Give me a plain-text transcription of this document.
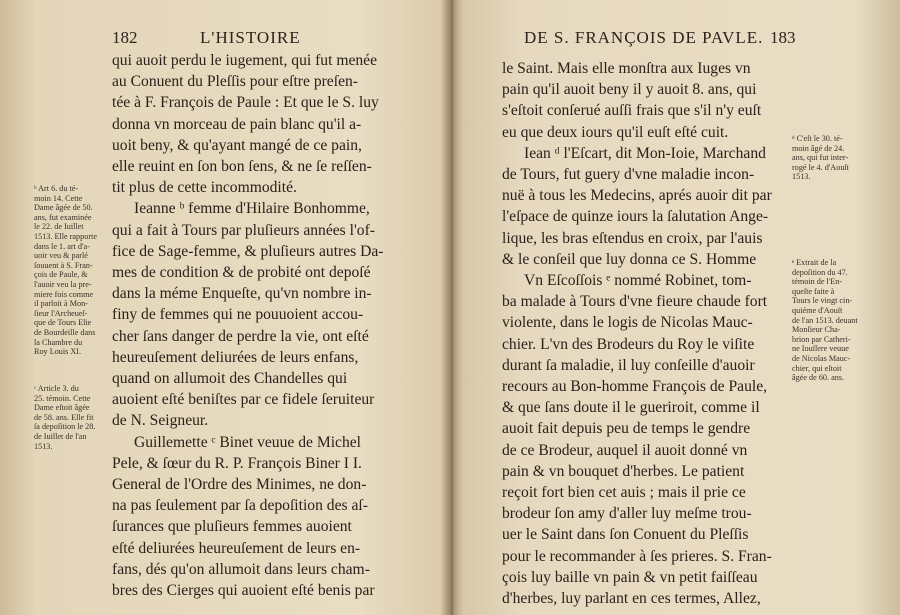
182	L'HISTOIRE
ᵇ Art 6. du té-
moin 14. Cette
Dame âgée de 50.
ans, fut examinée
le 22. de Iuillet
1513. Elle rapporte
dans le 1. art d'a-
uoir veu & parlé
ſouuent à S. Fran-
çois de Paule, &
l'auoir veu la pre-
miere fois comme
il parloit à Mon-
ſieur l'Archeueſ-
que de Tours Elie
de Bourdeille dans
la Chambre du
Roy Louis XI.
ᶜ Article 3. du
25. témoin. Cette
Dame eſtoit âgée
de 58. ans. Elle fit
ſa depoſition le 28.
de Iuillet de l'an
1513.
qui auoit perdu le iugement, qui fut menée
au Conuent du Pleſſis pour eſtre preſen-
tée à F. François de Paule : Et que le S. luy
donna vn morceau de pain blanc qu'il a-
uoit beny, & qu'ayant mangé de ce pain,
elle reuint en ſon bon ſens, & ne ſe reſſen-
tit plus de cette incommodité.
Ieanne ᵇ femme d'Hilaire Bonhomme,
qui a fait à Tours par pluſieurs années l'of-
fice de Sage-femme, & pluſieurs autres Da-
mes de condition & de probité ont depoſé
dans la méme Enqueſte, qu'vn nombre in-
finy de femmes qui ne pouuoient accou-
cher ſans danger de perdre la vie, ont eſté
heureuſement deliurées de leurs enfans,
quand on allumoit des Chandelles qui
auoient eſté beniſtes par ce fidele ſeruiteur
de N. Seigneur.
Guillemette ᶜ Binet veuue de Michel
Pele, & ſœur du R. P. François Biner I I.
General de l'Ordre des Minimes, ne don-
na pas ſeulement par ſa depoſition des aſ-
ſurances que pluſieurs femmes auoient
eſté deliurées heureuſement de leurs en-
fans, dés qu'on allumoit dans leurs cham-
bres des Cierges qui auoient eſté benis par
DE S. FRANÇOIS DE PAVLE. 183
le Saint. Mais elle monſtra aux Iuges vn
pain qu'il auoit beny il y auoit 8. ans, qui
s'eſtoit conſerué auſſi frais que s'il n'y euſt
eu que deux iours qu'il euſt eſté cuit.
Iean ᵈ l'Eſcart, dit Mon-Ioie, Marchand
de Tours, fut guery d'vne maladie incon-
nuë à tous les Medecins, aprés auoir dit par
l'eſpace de quinze iours la ſalutation Ange-
lique, les bras eſtendus en croix, par l'auis
& le conſeil que luy donna ce S. Homme
Vn Eſcoſſois ᵉ nommé Robinet, tom-
ba malade à Tours d'vne fieure chaude fort
violente, dans le logis de Nicolas Mauc-
chier. L'vn des Brodeurs du Roy le viſite
durant ſa maladie, il luy conſeille d'auoir
recours au Bon-homme François de Paule,
& que ſans doute il le gueriroit, comme il
auoit fait depuis peu de temps le gendre
de ce Brodeur, auquel il auoit donné vn
pain & vn bouquet d'herbes. Le patient
reçoit fort bien cet auis ; mais il prie ce
brodeur ſon amy d'aller luy meſme trou-
uer le Saint dans ſon Conuent du Pleſſis
pour le recommander à ſes prieres. S. Fran-
çois luy baille vn pain & vn petit faiſſeau
d'herbes, luy parlant en ces termes, Allez,
ᵈ C'eſt le 30. té-
moin âgé de 24.
ans, qui fut inter-
rogé le 4. d'Aouſt
1513.
ᵉ Extrait de la
depoſition du 47.
témoin de l'En-
queſte faite à
Tours le vingt cin-
quiéme d'Aouſt
de l'an 1513. deuant
Monſieur Cha-
brion par Catheri-
ne Iouſſere veuue
de Nicolas Mauc-
chier, qui eſtoit
âgée de 60. ans.
